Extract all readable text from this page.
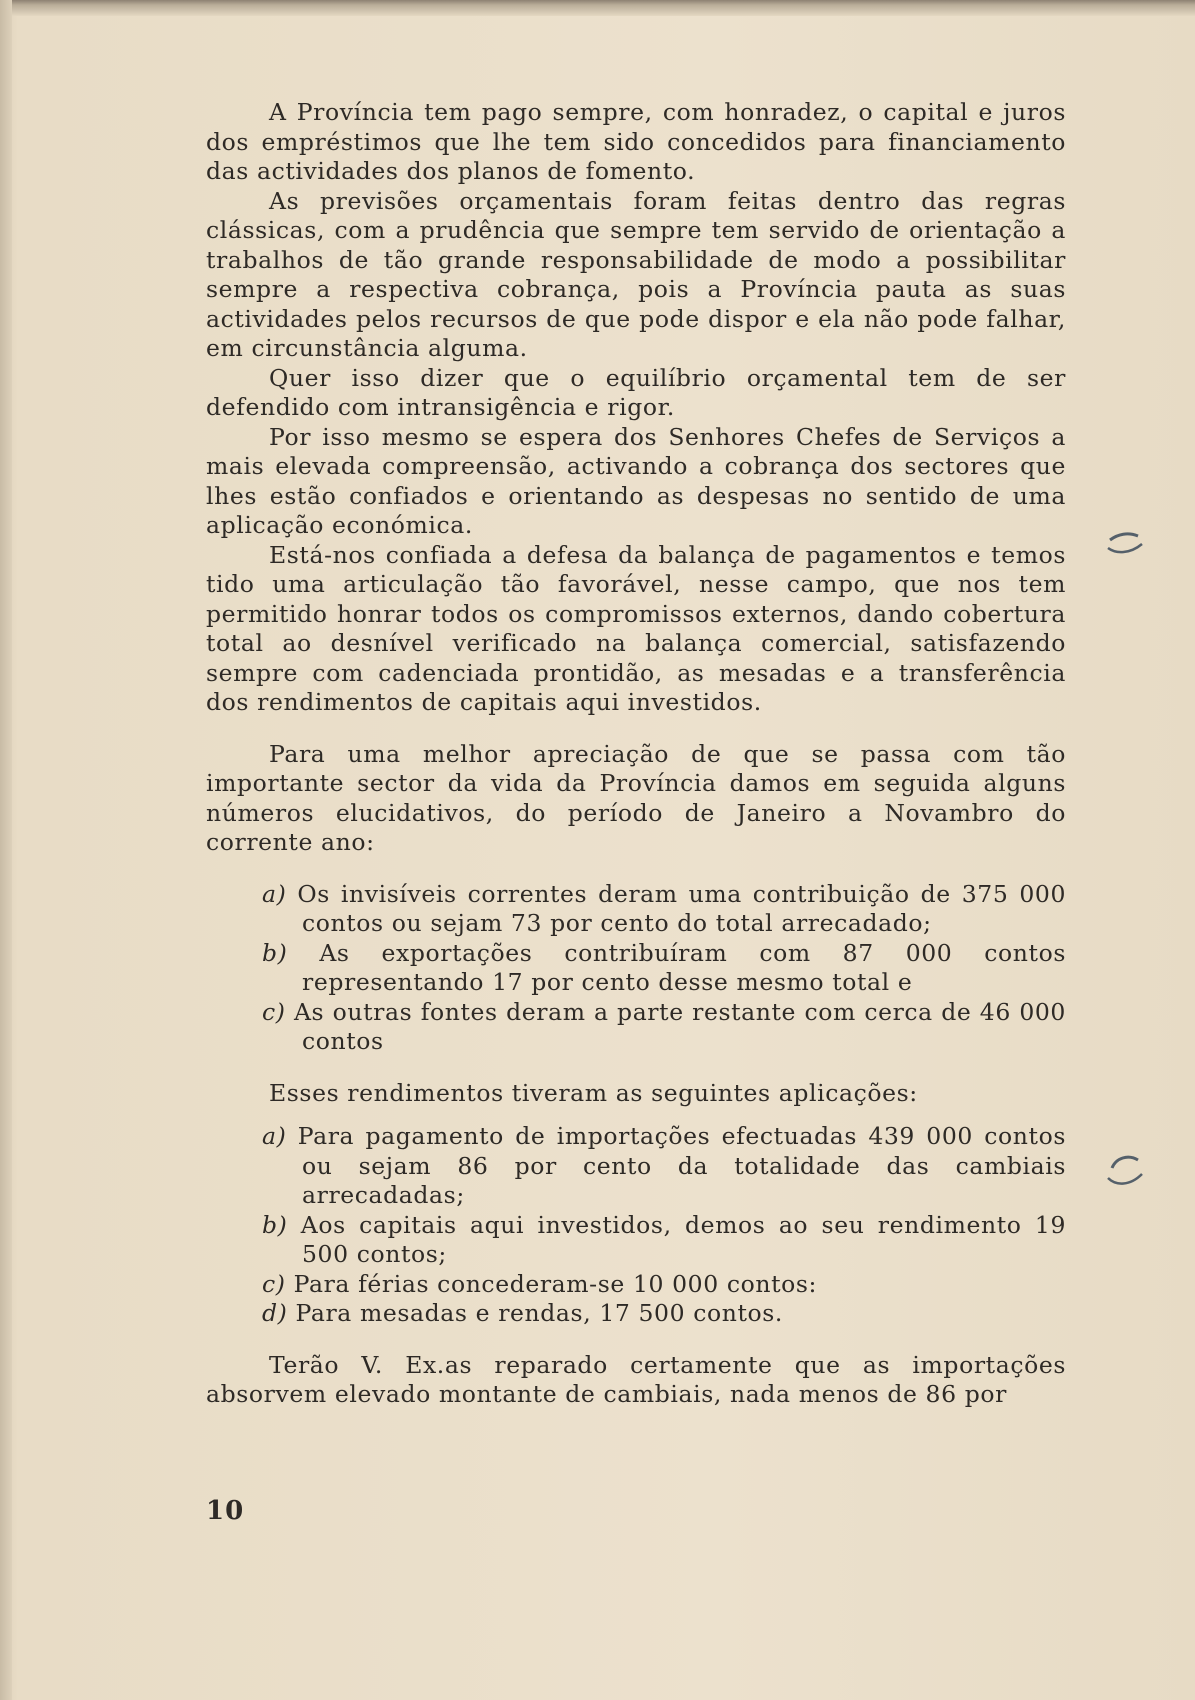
A Província tem pago sempre, com honradez, o capital e juros dos empréstimos que lhe tem sido concedidos para financiamento das actividades dos planos de fomento.

As previsões orçamentais foram feitas dentro das regras clássicas, com a prudência que sempre tem servido de orientação a trabalhos de tão grande responsabilidade de modo a possibilitar sempre a respectiva cobrança, pois a Província pauta as suas actividades pelos recursos de que pode dispor e ela não pode falhar, em circunstância alguma.

Quer isso dizer que o equilíbrio orçamental tem de ser defendido com intransigência e rigor.

Por isso mesmo se espera dos Senhores Chefes de Serviços a mais elevada compreensão, activando a cobrança dos sectores que lhes estão confiados e orientando as despesas no sentido de uma aplicação económica.

Está-nos confiada a defesa da balança de pagamentos e temos tido uma articulação tão favorável, nesse campo, que nos tem permitido honrar todos os compromissos externos, dando cobertura total ao desnível verificado na balança comercial, satisfazendo sempre com cadenciada prontidão, as mesadas e a transferência dos rendimentos de capitais aqui investidos.

Para uma melhor apreciação de que se passa com tão importante sector da vida da Província damos em seguida alguns números elucidativos, do período de Janeiro a Novambro do corrente ano:

a) Os invisíveis correntes deram uma contribuição de 375 000 contos ou sejam 73 por cento do total arrecadado;

b) As exportações contribuíram com 87 000 contos representando 17 por cento desse mesmo total e

c) As outras fontes deram a parte restante com cerca de 46 000 contos

Esses rendimentos tiveram as seguintes aplicações:

a) Para pagamento de importações efectuadas 439 000 contos ou sejam 86 por cento da totalidade das cambiais arrecadadas;

b) Aos capitais aqui investidos, demos ao seu rendimento 19 500 contos;

c) Para férias concederam-se 10 000 contos:

d) Para mesadas e rendas, 17 500 contos.

Terão V. Ex.as reparado certamente que as importações absorvem elevado montante de cambiais, nada menos de 86 por

10
